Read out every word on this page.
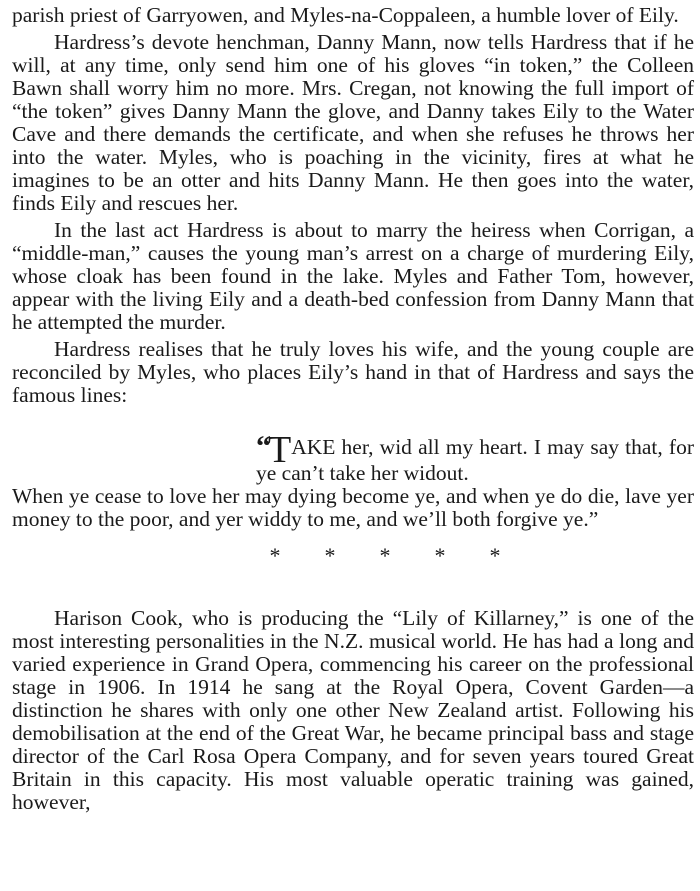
parish priest of Garryowen, and Myles-na-Coppaleen, a humble lover of Eily.

Hardress’s devote henchman, Danny Mann, now tells Hardress that if he will, at any time, only send him one of his gloves “in token,” the Colleen Bawn shall worry him no more. Mrs. Cregan, not knowing the full import of “the token” gives Danny Mann the glove, and Danny takes Eily to the Water Cave and there demands the certificate, and when she refuses he throws her into the water. Myles, who is poaching in the vicinity, fires at what he imagines to be an otter and hits Danny Mann. He then goes into the water, finds Eily and rescues her.

In the last act Hardress is about to marry the heiress when Corrigan, a “middle-man,” causes the young man’s arrest on a charge of murdering Eily, whose cloak has been found in the lake. Myles and Father Tom, however, appear with the living Eily and a death-bed confession from Danny Mann that he attempted the murder.

Hardress realises that he truly loves his wife, and the young couple are reconciled by Myles, who places Eily’s hand in that of Hardress and says the famous lines:

“TAKE her, wid all my heart. I may say that, for ye can’t take her widout.

When ye cease to love her may dying become ye, and when ye do die, lave yer money to the poor, and yer widdy to me, and we’ll both forgive ye.”

* * * * *

Harison Cook, who is producing the “Lily of Killarney,” is one of the most interesting personalities in the N.Z. musical world. He has had a long and varied experience in Grand Opera, commencing his career on the professional stage in 1906. In 1914 he sang at the Royal Opera, Covent Garden—a distinction he shares with only one other New Zealand artist. Following his demobilisation at the end of the Great War, he became principal bass and stage director of the Carl Rosa Opera Company, and for seven years toured Great Britain in this capacity. His most valuable operatic training was gained, however,
